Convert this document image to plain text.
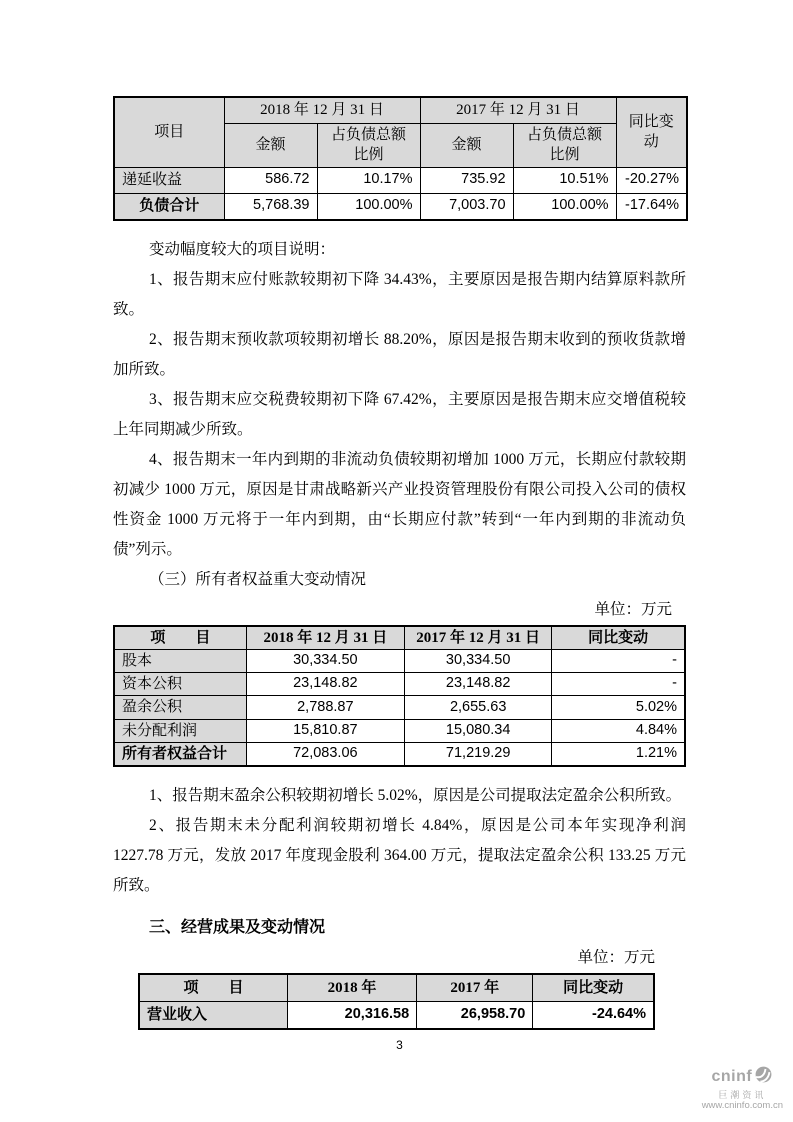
项目	2018 年 12 月 31 日		2017 年 12 月 31 日		同比变动
	金额	占负债总额比例	金额	占负债总额比例	

递延收益	586.72	10.17%	735.92	10.51%	-20.27%
负债合计	5,768.39	100.00%	7,003.70	100.00%	-17.64%

变动幅度较大的项目说明：

1、报告期末应付账款较期初下降 34.43%，主要原因是报告期内结算原料款所致。

2、报告期末预收款项较期初增长 88.20%，原因是报告期末收到的预收货款增加所致。

3、报告期末应交税费较期初下降 67.42%，主要原因是报告期末应交增值税较上年同期减少所致。

4、报告期末一年内到期的非流动负债较期初增加 1000 万元，长期应付款较期初减少 1000 万元，原因是甘肃战略新兴产业投资管理股份有限公司投入公司的债权性资金 1000 万元将于一年内到期，由“长期应付款”转到“一年内到期的非流动负债”列示。

（三）所有者权益重大变动情况
单位：万元
项　　目	2018 年 12 月 31 日	2017 年 12 月 31 日	同比变动
股本	30,334.50	30,334.50	-
资本公积	23,148.82	23,148.82	-
盈余公积	2,788.87	2,655.63	5.02%
未分配利润	15,810.87	15,080.34	4.84%
所有者权益合计	72,083.06	71,219.29	1.21%

1、报告期末盈余公积较期初增长 5.02%，原因是公司提取法定盈余公积所致。

2、报告期末未分配利润较期初增长 4.84%，原因是公司本年实现净利润 1227.78 万元，发放 2017 年度现金股利 364.00 万元，提取法定盈余公积 133.25 万元所致。

三、经营成果及变动情况
单位：万元
项　　目	2018 年	2017 年	同比变动
营业收入	20,316.58	26,958.70	-24.64%
3
cninf
巨潮资讯
www.cninfo.com.cn
